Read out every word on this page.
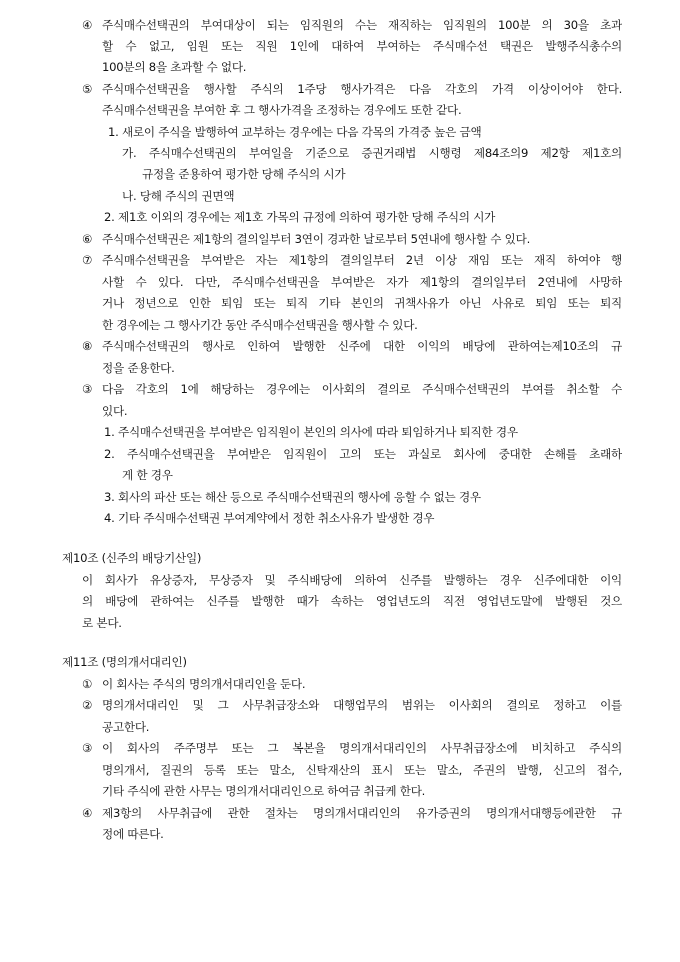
④ 주식매수선택권의 부여대상이 되는 임직원의 수는 재직하는 임직원의 100분 의 30을 초과
할 수 없고, 임원 또는 직원 1인에 대하여 부여하는 주식매수선 택권은 발행주식총수의
100분의 8을 초과할 수 없다.
⑤ 주식매수선택권을 행사할 주식의 1주당 행사가격은 다음 각호의 가격 이상이어야 한다.
주식매수선택권을 부여한 후 그 행사가격을 조정하는 경우에도 또한 같다.
1. 새로이 주식을 발행하여 교부하는 경우에는 다음 각목의 가격중 높은 금액
가. 주식매수선택권의 부여일을 기준으로 증권거래법 시행령 제84조의9 제2항 제1호의
규정을 준용하여 평가한 당해 주식의 시가
나. 당해 주식의 권면액
2. 제1호 이외의 경우에는 제1호 가목의 규정에 의하여 평가한 당해 주식의 시가
⑥ 주식매수선택권은 제1항의 결의일부터 3연이 경과한 날로부터 5연내에 행사할 수 있다.
⑦ 주식매수선택권을 부여받은 자는 제1항의 결의일부터 2년 이상 재임 또는 재직 하여야 행
사할 수 있다. 다만, 주식매수선택권을 부여받은 자가 제1항의 결의일부터 2연내에 사망하
거나 정년으로 인한 퇴임 또는 퇴직 기타 본인의 귀책사유가 아닌 사유로 퇴임 또는 퇴직
한 경우에는 그 행사기간 동안 주식매수선택권을 행사할 수 있다.
⑧ 주식매수선택권의 행사로 인하여 발행한 신주에 대한 이익의 배당에 관하여는제10조의 규
정을 준용한다.
③ 다음 각호의 1에 해당하는 경우에는 이사회의 결의로 주식매수선택권의 부여를 취소할 수
있다.
1. 주식매수선택권을 부여받은 임직원이 본인의 의사에 따라 퇴임하거나 퇴직한 경우
2. 주식매수선택권을 부여받은 임직원이 고의 또는 과실로 회사에 중대한 손해를 초래하
게 한 경우
3. 회사의 파산 또는 해산 등으로 주식매수선택권의 행사에 응할 수 없는 경우
4. 기타 주식매수선택권 부여계약에서 정한 취소사유가 발생한 경우
제10조 (신주의 배당기산일)
이 회사가 유상증자, 무상증자 및 주식배당에 의하여 신주를 발행하는 경우 신주에대한 이익
의 배당에 관하여는 신주를 발행한 때가 속하는 영업년도의 직전 영업년도말에 발행된 것으
로 본다.
제11조 (명의개서대리인)
① 이 회사는 주식의 명의개서대리인을 둔다.
② 명의개서대리인 및 그 사무취급장소와 대행업무의 범위는 이사회의 결의로 정하고 이를
공고한다.
③ 이 회사의 주주명부 또는 그 복본을 명의개서대리인의 사무취급장소에 비치하고 주식의
명의개서, 질권의 등록 또는 말소, 신탁재산의 표시 또는 말소, 주권의 발행, 신고의 접수,
기타 주식에 관한 사무는 명의개서대리인으로 하여금 취급케 한다.
④ 제3항의 사무취급에 관한 절차는 명의개서대리인의 유가증권의 명의개서대행등에관한 규
정에 따른다.
